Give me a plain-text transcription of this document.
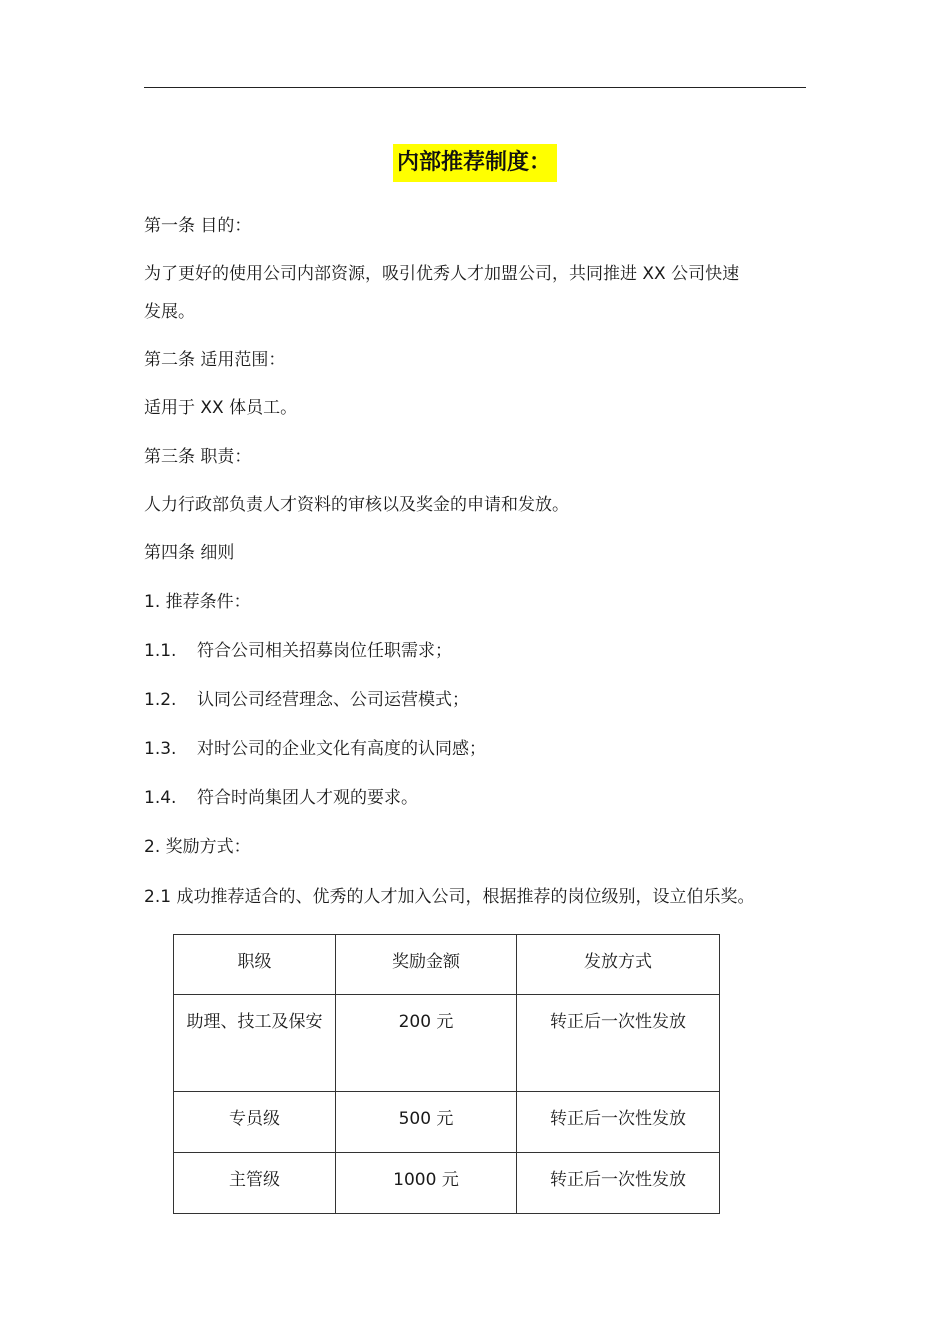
内部推荐制度：

第一条 目的：

为了更好的使用公司内部资源，吸引优秀人才加盟公司，共同推进 XX 公司快速

发展。

第二条 适用范围：

适用于 XX 体员工。

第三条 职责：

人力行政部负责人才资料的审核以及奖金的申请和发放。

第四条 细则

1. 推荐条件：

1.1. 符合公司相关招募岗位任职需求；

1.2. 认同公司经营理念、公司运营模式；

1.3. 对时公司的企业文化有高度的认同感；

1.4. 符合时尚集团人才观的要求。

2. 奖励方式：

2.1 成功推荐适合的、优秀的人才加入公司，根据推荐的岗位级别，设立伯乐奖。

职级	奖励金额	发放方式
助理、技工及保安	200 元	转正后一次性发放
专员级	500 元	转正后一次性发放
主管级	1000 元	转正后一次性发放
